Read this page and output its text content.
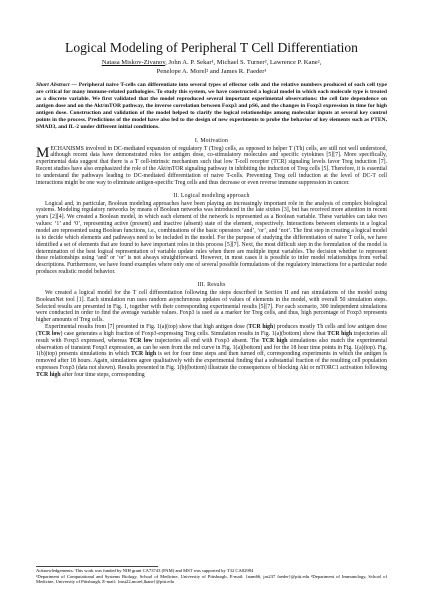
Logical Modeling of Peripheral T Cell Differentiation
Natasa Miskov-Zivanov, John A. P. Sekar¹, Michael S. Turner², Lawrence P. Kane²,
Penelope A. Morel² and James R. Faeder¹

Short Abstract — Peripheral naive T-cells can differentiate into several types of effector cells and the relative numbers produced of each cell type are critical for many immune-related pathologies. To study this system, we have constructed a logical model in which each molecule type is treated as a discrete variable. We first validated that the model reproduced several important experimental observations: the cell fate dependence on antigen dose and on the Akt/mTOR pathway, the inverse correlation between Foxp3 and pS6, and the changes in Foxp3 expression in time for high antigen dose. Construction and validation of the model helped to clarify the logical relationships among molecular inputs at several key control points in the process. Predictions of the model have also led to the design of new experiments to probe the behavior of key elements such as PTEN, SMAD3, and IL-2 under different initial conditions.

I. Motivation

MECHANISMS involved in DC-mediated expansion of regulatory T (Treg) cells, as opposed to helper T (Th) cells, are still not well understood, although recent data have demonstrated roles for antigen dose, co-stimulatory molecules and specific cytokines [5][7]. More specifically, experimental data suggest that there is a T cell-intrinsic mechanism such that low T-cell receptor (TCR) signaling levels favor Treg induction [7]. Recent studies have also emphasized the role of the Akt/mTOR signaling pathway in inhibiting the induction of Treg cells [5]. Therefore, it is essential to understand the pathways leading to DC-mediated differentiation of naive T-cells. Preventing Treg cell induction at the level of DC-T cell interactions might be one way to eliminate antigen-specific Treg cells and thus decrease or even reverse immune suppression in cancer.

II. Logical modeling approach

Logical and, in particular, Boolean modeling approaches have been playing an increasingly important role in the analysis of complex biological systems. Modeling regulatory networks by means of Boolean networks was introduced in the late sixties [3], but has received more attention in recent years [2][4]. We created a Boolean model, in which each element of the network is represented as a Boolean variable. These variables can take two values: ‘1’ and ‘0’, representing active (present) and inactive (absent) state of the element, respectively. Interactions between elements in a logical model are represented using Boolean functions, i.e., combinations of the basic operators ‘and’, ‘or’, and ‘not’. The first step in creating a logical model is to decide which elements and pathways need to be included in the model. For the purpose of studying the differentiation of naive T cells, we have identified a set of elements that are found to have important roles in this process [5][7]. Next, the most difficult step in the formulation of the model is determination of the best logical representation of variable update rules when there are multiple input variables. The decision whether to represent these relationships using ‘and’ or ‘or’ is not always straightforward. However, in most cases it is possible to infer model relationships from verbal descriptions. Furthermore, we have found examples where only one of several possible formulations of the regulatory interactions for a particular node produces realistic model behavior.

III. Results

We created a logical model for the T cell differentiation following the steps described in Section II and ran simulations of the model using BooleanNet tool [1]. Each simulation run uses random asynchronous updates of values of elements in the model, with overall 50 simulation steps. Selected results are presented in Fig. 1, together with their corresponding experimental results [5][7]. For each scenario, 300 independent simulations were conducted in order to find the average variable values. Foxp3 is used as a marker for Treg cells, and thus, high percentage of Foxp3 represents higher amounts of Treg cells.

Experimental results from [7] presented in Fig. 1(a)(top) show that high antigen dose (TCR high) produces mostly Th cells and low antigen dose (TCR low) case generates a high fraction of Foxp3-expressing Treg cells. Simulation results in Fig. 1(a)(bottom) show that TCR high trajectories all result with Foxp3 expressed, whereas TCR low trajectories all end with Foxp3 absent. The TCR high simulations also match the experimental observation of transient Foxp3 expression, as can be seen from the red curve in Fig. 1(a)(bottom) and for the 18 hour time points in Fig. 1(a)(top). Fig. 1(b)(top) presents simulations in which TCR high is set for four time steps and then turned off, corresponding experiments in which the antigen is removed after 18 hours. Again, simulations agree qualitatively with the experimental finding that a substantial fraction of the resulting cell population expresses Foxp3 (data not shown). Results presented in Fig. 1(b)(bottom) illustrate the consequences of blocking Akt or mTORC1 activation following TCR high after four time steps, corresponding

Acknowledgements: This work was funded by NIH grant CA73743 (PAM) and MST was supported by T32 CA82984
¹Department of Computational and Systems Biology, School of Medicine, University of Pittsburgh, E-mail: {nam66, jas237 faeder}@pitt.edu ²Department of Immunology, School of Medicine, University of Pittsburgh, E-mail: {mst22,morel,lkane}@pitt.edu
